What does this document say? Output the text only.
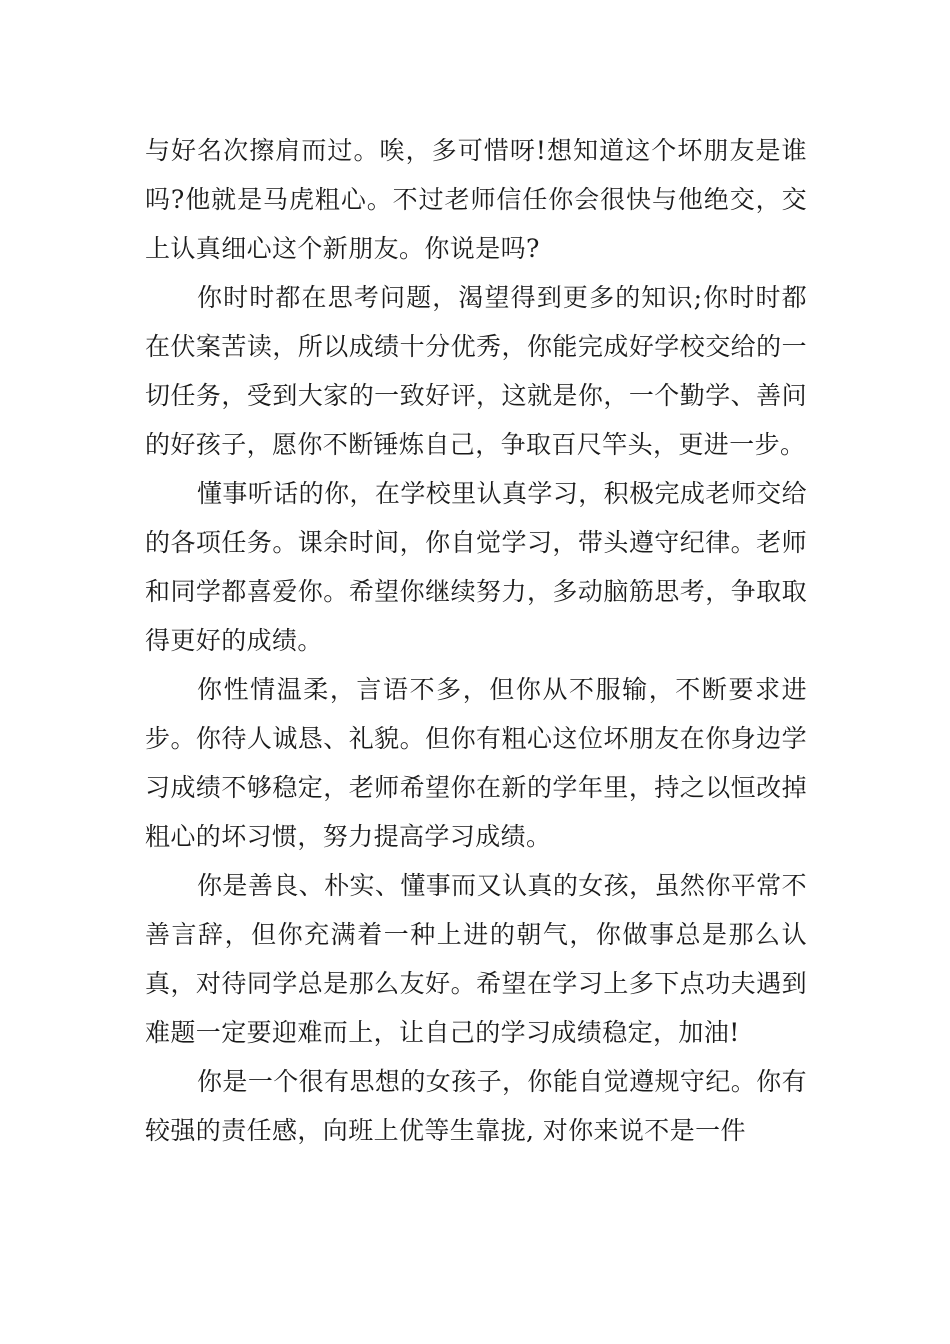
与好名次擦肩而过。唉，多可惜呀!想知道这个坏朋友是谁吗?他就是马虎粗心。不过老师信任你会很快与他绝交，交上认真细心这个新朋友。你说是吗?

你时时都在思考问题，渴望得到更多的知识;你时时都在伏案苦读，所以成绩十分优秀，你能完成好学校交给的一切任务，受到大家的一致好评，这就是你，一个勤学、善问的好孩子，愿你不断锤炼自己，争取百尺竿头，更进一步。

懂事听话的你，在学校里认真学习，积极完成老师交给的各项任务。课余时间，你自觉学习，带头遵守纪律。老师和同学都喜爱你。希望你继续努力，多动脑筋思考，争取取得更好的成绩。

你性情温柔，言语不多，但你从不服输，不断要求进步。你待人诚恳、礼貌。但你有粗心这位坏朋友在你身边学习成绩不够稳定，老师希望你在新的学年里，持之以恒改掉粗心的坏习惯，努力提高学习成绩。

你是善良、朴实、懂事而又认真的女孩，虽然你平常不善言辞，但你充满着一种上进的朝气，你做事总是那么认真，对待同学总是那么友好。希望在学习上多下点功夫遇到难题一定要迎难而上，让自己的学习成绩稳定，加油!

你是一个很有思想的女孩子，你能自觉遵规守纪。你有较强的责任感，向班上优等生靠拢, 对你来说不是一件
